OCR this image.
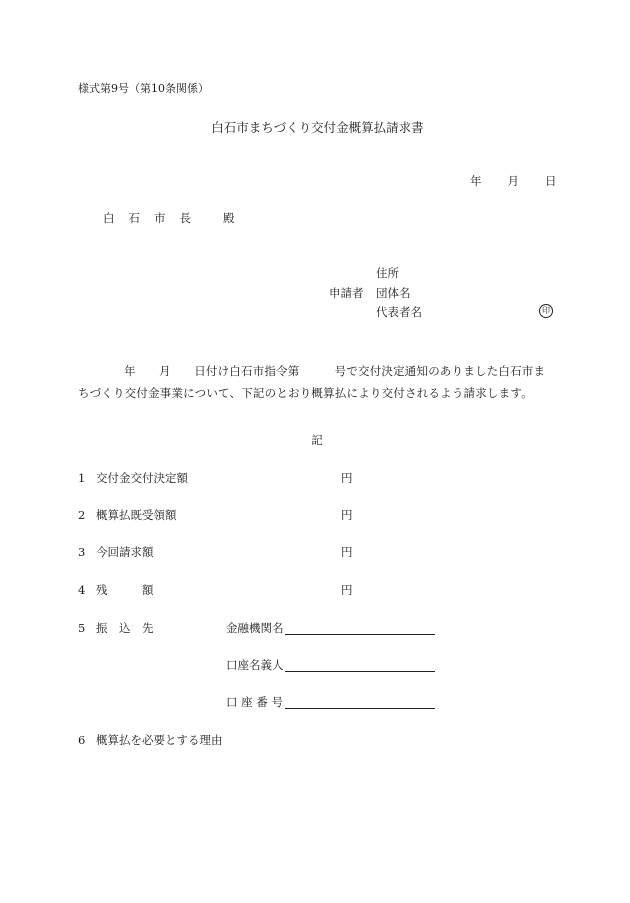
様式第9号（第10条関係）
白石市まちづくり交付金概算払請求書
年 月 日
白 石 市 長	殿
住所
申請者 団体名
代表者名	印
年　　月　　日付け白石市指令第　　　号で交付決定通知のありました白石市ま
ちづくり交付金事業について、下記のとおり概算払により交付されるよう請求します。
記
1 交付金交付決定額	円
2 概算払既受領額	円
3 今回請求額	円
4 残　　　額	円
5 振　込　先	金融機関名
口座名義人
口 座 番 号
6 概算払を必要とする理由
